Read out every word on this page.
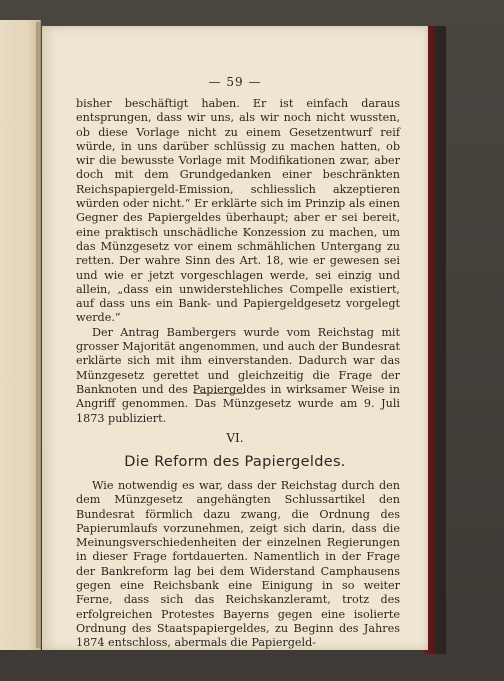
— 59 —

bisher beschäftigt haben. Er ist einfach daraus entsprungen, dass wir uns, als wir noch nicht wussten, ob diese Vorlage nicht zu einem Gesetzentwurf reif würde, in uns darüber schlüssig zu machen hatten, ob wir die bewusste Vorlage mit Modifikationen zwar, aber doch mit dem Grundgedanken einer beschränkten Reichspapiergeld-Emission, schliesslich akzeptieren würden oder nicht.“ Er erklärte sich im Prinzip als einen Gegner des Papiergeldes überhaupt; aber er sei bereit, eine praktisch unschädliche Konzession zu machen, um das Münzgesetz vor einem schmählichen Untergang zu retten. Der wahre Sinn des Art. 18, wie er gewesen sei und wie er jetzt vorgeschlagen werde, sei einzig und allein, „dass ein unwiderstehliches Compelle existiert, auf dass uns ein Bank- und Papiergeldgesetz vorgelegt werde.“

Der Antrag Bambergers wurde vom Reichstag mit grosser Majorität angenommen, und auch der Bundesrat erklärte sich mit ihm einverstanden. Dadurch war das Münzgesetz gerettet und gleichzeitig die Frage der Banknoten und des Papiergeldes in wirksamer Weise in Angriff genommen. Das Münzgesetz wurde am 9. Juli 1873 publiziert.

VI.
Die Reform des Papiergeldes.

Wie notwendig es war, dass der Reichstag durch den dem Münzgesetz angehängten Schlussartikel den Bundesrat förmlich dazu zwang, die Ordnung des Papierumlaufs vorzunehmen, zeigt sich darin, dass die Meinungsverschiedenheiten der einzelnen Regierungen in dieser Frage fortdauerten. Namentlich in der Frage der Bankreform lag bei dem Widerstand Camphausens gegen eine Reichsbank eine Einigung in so weiter Ferne, dass sich das Reichskanzleramt, trotz des erfolgreichen Protestes Bayerns gegen eine isolierte Ordnung des Staatspapiergeldes, zu Beginn des Jahres 1874 entschloss, abermals die Papiergeld-
